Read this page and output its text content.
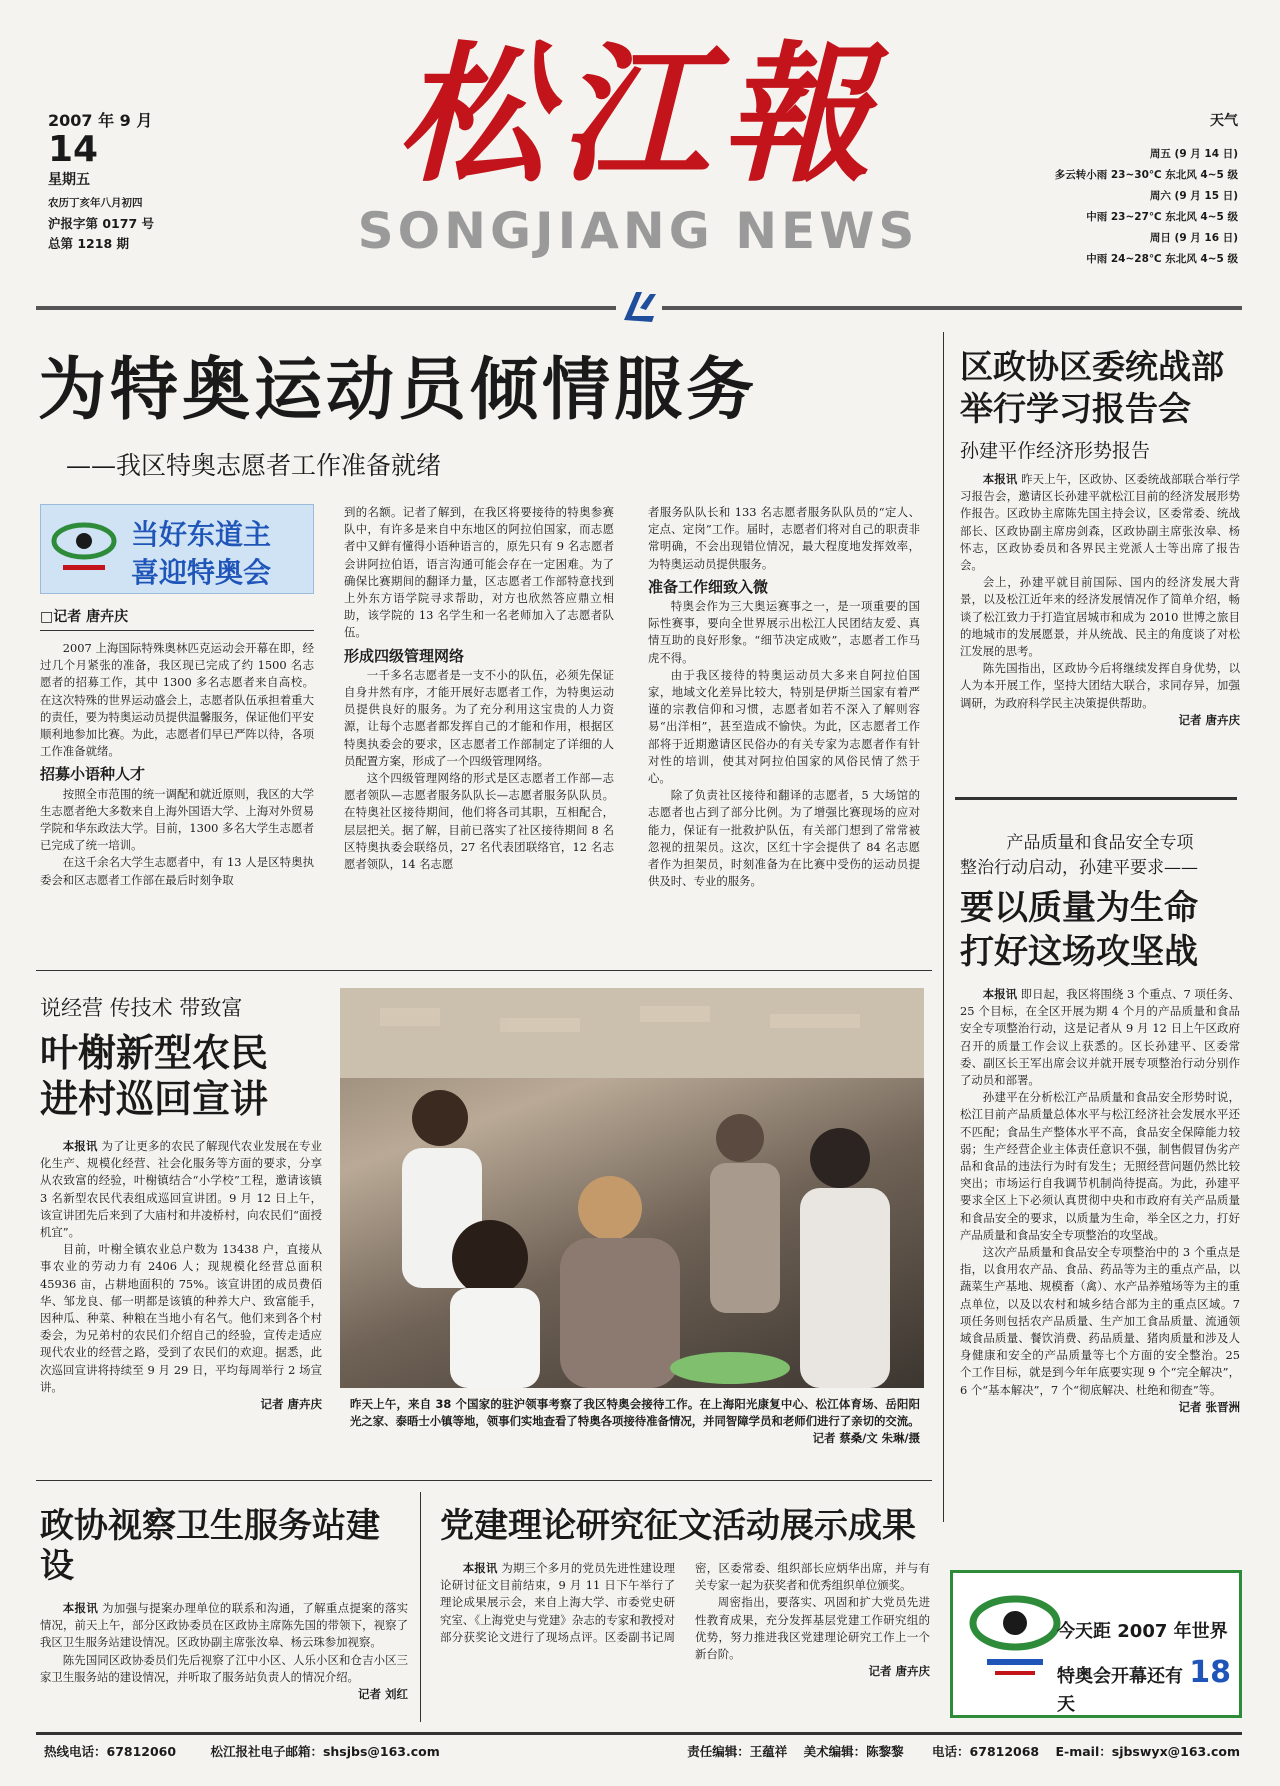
2007 年 9 月
14
星期五
农历丁亥年八月初四
沪报字第 0177 号
总第 1218 期
松江報
SONGJIANG NEWS
天气
周五 (9 月 14 日)
多云转小雨 23~30℃ 东北风 4~5 级
周六 (9 月 15 日)
中雨 23~27℃ 东北风 4~5 级
周日 (9 月 16 日)
中雨 24~28℃ 东北风 4~5 级
为特奥运动员倾情服务
——我区特奥志愿者工作准备就绪
当好东道主
喜迎特奥会
□记者 唐卉庆

2007 上海国际特殊奥林匹克运动会开幕在即，经过几个月紧张的准备，我区现已完成了约 1500 名志愿者的招募工作，其中 1300 多名志愿者来自高校。在这次特殊的世界运动盛会上，志愿者队伍承担着重大的责任，要为特奥运动员提供温馨服务，保证他们平安顺利地参加比赛。为此，志愿者们早已严阵以待，各项工作准备就绪。

招募小语种人才

按照全市范围的统一调配和就近原则，我区的大学生志愿者绝大多数来自上海外国语大学、上海对外贸易学院和华东政法大学。目前，1300 多名大学生志愿者已完成了统一培训。

在这千余名大学生志愿者中，有 13 人是区特奥执委会和区志愿者工作部在最后时刻争取

到的名额。记者了解到，在我区将要接待的特奥参赛队中，有许多是来自中东地区的阿拉伯国家，而志愿者中又鲜有懂得小语种语言的，原先只有 9 名志愿者会讲阿拉伯语，语言沟通可能会存在一定困难。为了确保比赛期间的翻译力量，区志愿者工作部特意找到上外东方语学院寻求帮助，对方也欣然答应鼎立相助，该学院的 13 名学生和一名老师加入了志愿者队伍。

形成四级管理网络

一千多名志愿者是一支不小的队伍，必须先保证自身井然有序，才能开展好志愿者工作，为特奥运动员提供良好的服务。为了充分利用这宝贵的人力资源，让每个志愿者都发挥自己的才能和作用，根据区特奥执委会的要求，区志愿者工作部制定了详细的人员配置方案，形成了一个四级管理网络。

这个四级管理网络的形式是区志愿者工作部—志愿者领队—志愿者服务队队长—志愿者服务队队员。在特奥社区接待期间，他们将各司其职，互相配合，层层把关。据了解，目前已落实了社区接待期间 8 名区特奥执委会联络员，27 名代表团联络官，12 名志愿者领队，14 名志愿

者服务队队长和 133 名志愿者服务队队员的“定人、定点、定岗”工作。届时，志愿者们将对自己的职责非常明确，不会出现错位情况，最大程度地发挥效率，为特奥运动员提供服务。

准备工作细致入微

特奥会作为三大奥运赛事之一，是一项重要的国际性赛事，要向全世界展示出松江人民团结友爱、真情互助的良好形象。“细节决定成败”，志愿者工作马虎不得。

由于我区接待的特奥运动员大多来自阿拉伯国家，地域文化差异比较大，特别是伊斯兰国家有着严谨的宗教信仰和习惯，志愿者如若不深入了解则容易“出洋相”，甚至造成不愉快。为此，区志愿者工作部将于近期邀请区民俗办的有关专家为志愿者作有针对性的培训，使其对阿拉伯国家的风俗民情了然于心。

除了负责社区接待和翻译的志愿者，5 大场馆的志愿者也占到了部分比例。为了增强比赛现场的应对能力，保证有一批救护队伍，有关部门想到了常常被忽视的扭架员。这次，区红十字会提供了 84 名志愿者作为担架员，时刻准备为在比赛中受伤的运动员提供及时、专业的服务。

区政协区委统战部
举行学习报告会
孙建平作经济形势报告

本报讯 昨天上午，区政协、区委统战部联合举行学习报告会，邀请区长孙建平就松江目前的经济发展形势作报告。区政协主席陈先国主持会议，区委常委、统战部长、区政协副主席房剑森，区政协副主席张汝皋、杨怀志，区政协委员和各界民主党派人士等出席了报告会。

会上，孙建平就目前国际、国内的经济发展大背景，以及松江近年来的经济发展情况作了简单介绍，畅谈了松江致力于打造宜居城市和成为 2010 世博之旅目的地城市的发展愿景，并从统战、民主的角度谈了对松江发展的思考。

陈先国指出，区政协今后将继续发挥自身优势，以人为本开展工作，坚持大团结大联合，求同存异，加强调研，为政府科学民主决策提供帮助。

记者 唐卉庆
产品质量和食品安全专项
整治行动启动，孙建平要求——
要以质量为生命
打好这场攻坚战

本报讯 即日起，我区将围绕 3 个重点、7 项任务、25 个目标，在全区开展为期 4 个月的产品质量和食品安全专项整治行动，这是记者从 9 月 12 日上午区政府召开的质量工作会议上获悉的。区长孙建平、区委常委、副区长王军出席会议并就开展专项整治行动分别作了动员和部署。

孙建平在分析松江产品质量和食品安全形势时说，松江目前产品质量总体水平与松江经济社会发展水平还不匹配；食品生产整体水平不高，食品安全保障能力较弱；生产经营企业主体责任意识不强，制售假冒伪劣产品和食品的违法行为时有发生；无照经营问题仍然比较突出；市场运行自我调节机制尚待提高。为此，孙建平要求全区上下必须认真贯彻中央和市政府有关产品质量和食品安全的要求，以质量为生命，举全区之力，打好产品质量和食品安全专项整治的攻坚战。

这次产品质量和食品安全专项整治中的 3 个重点是指，以食用农产品、食品、药品等为主的重点产品，以蔬菜生产基地、规模畜（禽）、水产品养殖场等为主的重点单位，以及以农村和城乡结合部为主的重点区域。7 项任务则包括农产品质量、生产加工食品质量、流通领域食品质量、餐饮消费、药品质量、猪肉质量和涉及人身健康和安全的产品质量等七个方面的安全整治。25 个工作目标，就是到今年年底要实现 9 个“完全解决”，6 个“基本解决”，7 个“彻底解决、杜绝和彻查”等。

记者 张晋洲
说经营 传技术 带致富
叶榭新型农民
进村巡回宣讲

本报讯 为了让更多的农民了解现代农业发展在专业化生产、规模化经营、社会化服务等方面的要求，分享从农致富的经验，叶榭镇结合“小学校”工程，邀请该镇 3 名新型农民代表组成巡回宣讲团。9 月 12 日上午，该宣讲团先后来到了大庙村和井凌桥村，向农民们“面授机宜”。

目前，叶榭全镇农业总户数为 13438 户，直接从事农业的劳动力有 2406 人；现规模化经营总面积 45936 亩，占耕地面积的 75%。该宣讲团的成员费佰华、邹龙良、郁一明都是该镇的种养大户、致富能手，因种瓜、种菜、种粮在当地小有名气。他们来到各个村委会，为兄弟村的农民们介绍自己的经验，宣传走适应现代农业的经营之路，受到了农民们的欢迎。据悉，此次巡回宣讲将持续至 9 月 29 日，平均每周举行 2 场宣讲。

记者 唐卉庆 昨天上午，来自 38 个国家的驻沪领事考察了我区特奥会接待工作。在上海阳光康复中心、松江体育场、岳阳阳光之家、泰晤士小镇等地，领事们实地查看了特奥各项接待准备情况，并同智障学员和老师们进行了亲切的交流。
记者 蔡桑/文 朱琳/摄
政协视察卫生服务站建设

本报讯 为加强与提案办理单位的联系和沟通，了解重点提案的落实情况，前天上午，部分区政协委员在区政协主席陈先国的带领下，视察了我区卫生服务站建设情况。区政协副主席张汝皋、杨云珠参加视察。

陈先国同区政协委员们先后视察了江中小区、人乐小区和仓吉小区三家卫生服务站的建设情况，并听取了服务站负责人的情况介绍。

记者 刘红
党建理论研究征文活动展示成果

本报讯 为期三个多月的党员先进性建设理论研讨征文目前结束，9 月 11 日下午举行了理论成果展示会，来自上海大学、市委党史研究室、《上海党史与党建》杂志的专家和教授对部分获奖论文进行了现场点评。区委副书记周密，区委常委、组织部长应炳华出席，并与有关专家一起为获奖者和优秀组织单位颁奖。

周密指出，要落实、巩固和扩大党员先进性教育成果，充分发挥基层党建工作研究组的优势，努力推进我区党建理论研究工作上一个新台阶。

记者 唐卉庆
今天距 2007 年世界
特奥会开幕还有 18 天
热线电话：67812060	松江报社电子邮箱：shsjbs@163.com	责任编辑：王蕴祥 美术编辑：陈黎黎 电话：67812068 E-mail：sjbswyx@163.com
